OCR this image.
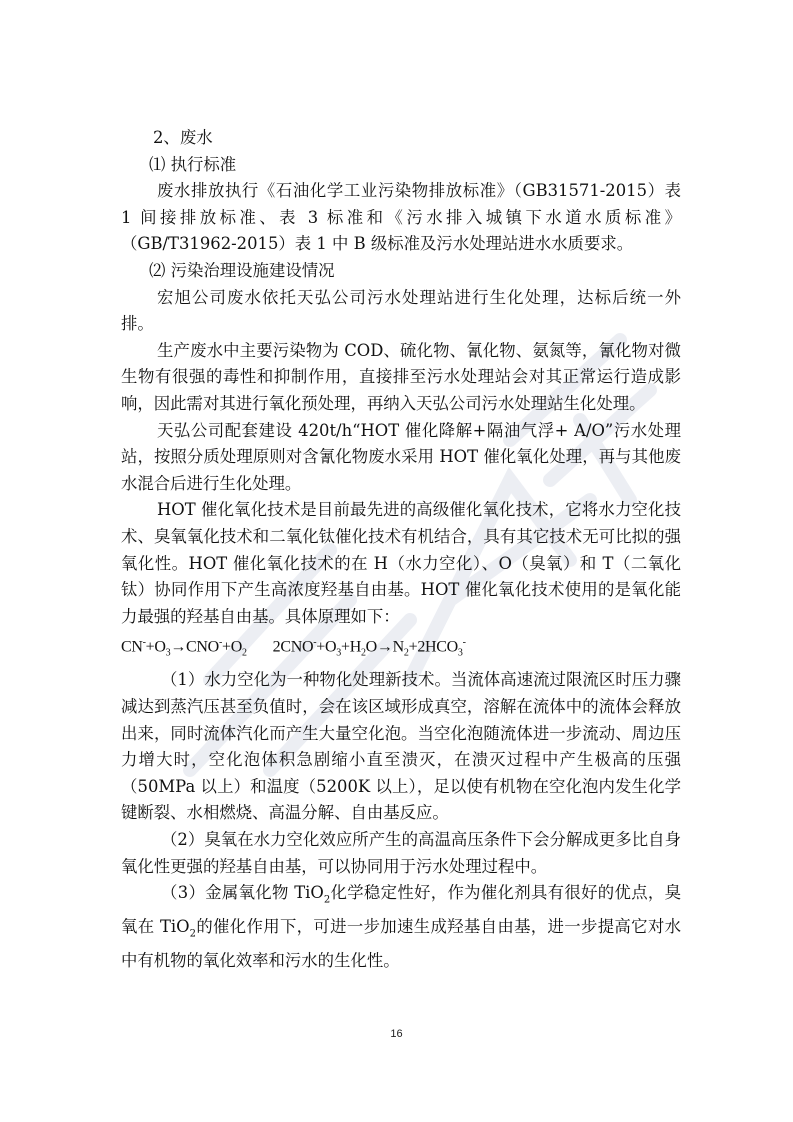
2、废水

⑴ 执行标准

废水排放执行《石油化学工业污染物排放标准》（GB31571-2015）表 1 间接排放标准、表 3 标准和《污水排入城镇下水道水质标准》（GB/T31962-2015）表 1 中 B 级标准及污水处理站进水水质要求。

⑵ 污染治理设施建设情况

宏旭公司废水依托天弘公司污水处理站进行生化处理，达标后统一外排。

生产废水中主要污染物为 COD、硫化物、氰化物、氨氮等，氰化物对微生物有很强的毒性和抑制作用，直接排至污水处理站会对其正常运行造成影响，因此需对其进行氧化预处理，再纳入天弘公司污水处理站生化处理。

天弘公司配套建设 420t/h“HOT 催化降解+隔油气浮+ A/O”污水处理站，按照分质处理原则对含氰化物废水采用 HOT 催化氧化处理，再与其他废水混合后进行生化处理。

HOT 催化氧化技术是目前最先进的高级催化氧化技术，它将水力空化技术、臭氧氧化技术和二氧化钛催化技术有机结合，具有其它技术无可比拟的强氧化性。HOT 催化氧化技术的在 H（水力空化）、O（臭氧）和 T（二氧化钛）协同作用下产生高浓度羟基自由基。HOT 催化氧化技术使用的是氧化能力最强的羟基自由基。具体原理如下：

$CN^-+O_3\to CNO^-+O_2$ $2CNO^-+O_3+H_2O\to N_2+2HCO_3^-$

（1）水力空化为一种物化处理新技术。当流体高速流过限流区时压力骤减达到蒸汽压甚至负值时，会在该区域形成真空，溶解在流体中的流体会释放出来，同时流体汽化而产生大量空化泡。当空化泡随流体进一步流动、周边压力增大时，空化泡体积急剧缩小直至溃灭，在溃灭过程中产生极高的压强（50MPa 以上）和温度（5200K 以上），足以使有机物在空化泡内发生化学键断裂、水相燃烧、高温分解、自由基反应。

（2）臭氧在水力空化效应所产生的高温高压条件下会分解成更多比自身氧化性更强的羟基自由基，可以协同用于污水处理过程中。

（3）金属氧化物 TiO$_2$化学稳定性好，作为催化剂具有很好的优点，臭氧在 TiO$_2$的催化作用下，可进一步加速生成羟基自由基，进一步提高它对水中有机物的氧化效率和污水的生化性。

16
